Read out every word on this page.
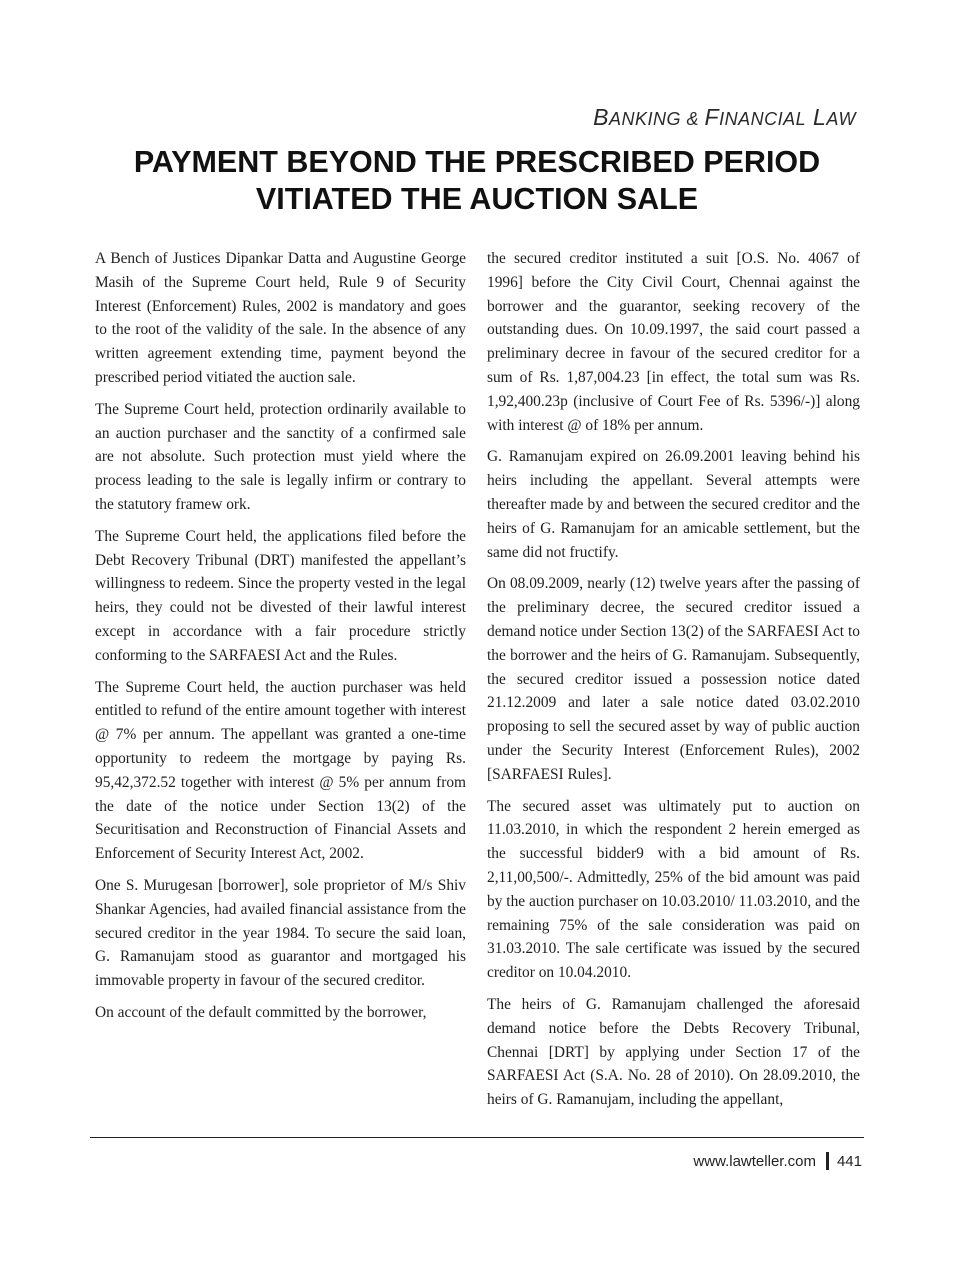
BANKING & FINANCIAL LAW
PAYMENT BEYOND THE PRESCRIBED PERIOD
VITIATED THE AUCTION SALE

A Bench of Justices Dipankar Datta and Augustine George Masih of the Supreme Court held, Rule 9 of Security Interest (Enforcement) Rules, 2002 is mandatory and goes to the root of the validity of the sale. In the absence of any written agreement extending time, payment beyond the prescribed period vitiated the auction sale.

The Supreme Court held, protection ordinarily available to an auction purchaser and the sanctity of a confirmed sale are not absolute. Such protection must yield where the process leading to the sale is legally infirm or contrary to the statutory framew ork.

The Supreme Court held, the applications filed before the Debt Recovery Tribunal (DRT) manifested the appellant’s willingness to redeem. Since the property vested in the legal heirs, they could not be divested of their lawful interest except in accordance with a fair procedure strictly conforming to the SARFAESI Act and the Rules.

The Supreme Court held, the auction purchaser was held entitled to refund of the entire amount together with interest @ 7% per annum. The appellant was granted a one-time opportunity to redeem the mortgage by paying Rs. 95,42,372.52 together with interest @ 5% per annum from the date of the notice under Section 13(2) of the Securitisation and Reconstruction of Financial Assets and Enforcement of Security Interest Act, 2002.

One S. Murugesan [borrower], sole proprietor of M/s Shiv Shankar Agencies, had availed financial assistance from the secured creditor in the year 1984. To secure the said loan, G. Ramanujam stood as guarantor and mortgaged his immovable property in favour of the secured creditor.

On account of the default committed by the borrower,

the secured creditor instituted a suit [O.S. No. 4067 of 1996] before the City Civil Court, Chennai against the borrower and the guarantor, seeking recovery of the outstanding dues. On 10.09.1997, the said court passed a preliminary decree in favour of the secured creditor for a sum of Rs. 1,87,004.23 [in effect, the total sum was Rs. 1,92,400.23p (inclusive of Court Fee of Rs. 5396/-)] along with interest @ of 18% per annum.

G. Ramanujam expired on 26.09.2001 leaving behind his heirs including the appellant. Several attempts were thereafter made by and between the secured creditor and the heirs of G. Ramanujam for an amicable settlement, but the same did not fructify.

On 08.09.2009, nearly (12) twelve years after the passing of the preliminary decree, the secured creditor issued a demand notice under Section 13(2) of the SARFAESI Act to the borrower and the heirs of G. Ramanujam. Subsequently, the secured creditor issued a possession notice dated 21.12.2009 and later a sale notice dated 03.02.2010 proposing to sell the secured asset by way of public auction under the Security Interest (Enforcement Rules), 2002 [SARFAESI Rules].

The secured asset was ultimately put to auction on 11.03.2010, in which the respondent 2 herein emerged as the successful bidder9 with a bid amount of Rs. 2,11,00,500/-. Admittedly, 25% of the bid amount was paid by the auction purchaser on 10.03.2010/ 11.03.2010, and the remaining 75% of the sale consideration was paid on 31.03.2010. The sale certificate was issued by the secured creditor on 10.04.2010.

The heirs of G. Ramanujam challenged the aforesaid demand notice before the Debts Recovery Tribunal, Chennai [DRT] by applying under Section 17 of the SARFAESI Act (S.A. No. 28 of 2010). On 28.09.2010, the heirs of G. Ramanujam, including the appellant,

www.lawteller.com 441
